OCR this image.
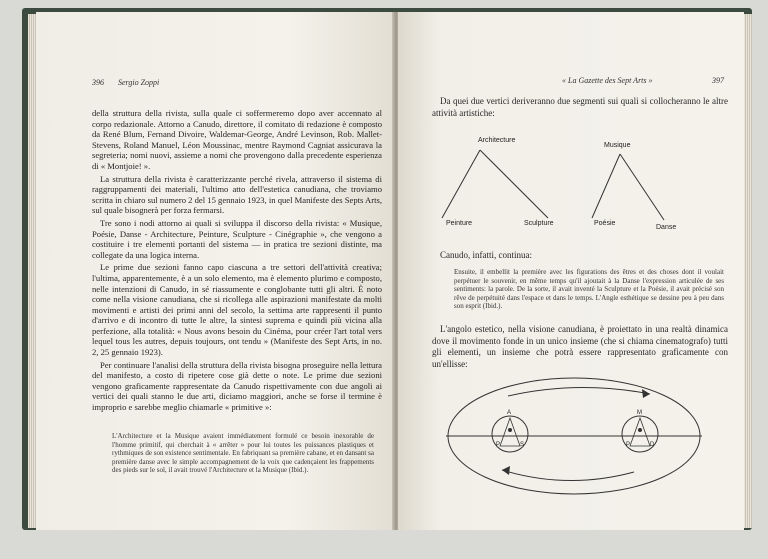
396 Sergio Zoppi

della struttura della rivista, sulla quale ci soffermeremo dopo aver accennato al corpo redazionale. Attorno a Canudo, direttore, il comitato di redazione è composto da René Blum, Fernand Divoire, Waldemar-George, André Levinson, Rob. Mallet-Stevens, Roland Manuel, Léon Moussinac, mentre Raymond Cagniat assicurava la segreteria; nomi nuovi, assieme a nomi che provengono dalla precedente esperienza di « Montjoie! ».

La struttura della rivista è caratterizzante perché rivela, attraverso il sistema di raggruppamenti dei materiali, l'ultimo atto dell'estetica canudiana, che troviamo scritta in chiaro sul numero 2 del 15 gennaio 1923, in quel Manifeste des Septs Arts, sul quale bisognerà per forza fermarsi.

Tre sono i nodi attorno ai quali si sviluppa il discorso della rivista: « Musique, Poésie, Danse - Architecture, Peinture, Sculpture - Cinégraphie », che vengono a costituire i tre elementi portanti del sistema — in pratica tre sezioni distinte, ma collegate da una logica interna.

Le prime due sezioni fanno capo ciascuna a tre settori dell'attività creativa; l'ultima, apparentemente, è a un solo elemento, ma è elemento plurimo e composto, nelle intenzioni di Canudo, in sé riassumente e conglobante tutti gli altri. È noto come nella visione canudiana, che si ricollega alle aspirazioni manifestate da molti movimenti e artisti dei primi anni del secolo, la settima arte rappresenti il punto d'arrivo e di incontro di tutte le altre, la sintesi suprema e quindi più vicina alla perfezione, alla totalità: « Nous avons besoin du Cinéma, pour créer l'art total vers lequel tous les autres, depuis toujours, ont tendu » (Manifeste des Sept Arts, in no. 2, 25 gennaio 1923).

Per continuare l'analisi della struttura della rivista bisogna proseguire nella lettura del manifesto, a costo di ripetere cose già dette o note. Le prime due sezioni vengono graficamente rappresentate da Canudo rispettivamente con due angoli ai vertici dei quali stanno le due arti, diciamo maggiori, anche se forse il termine è improprio e sarebbe meglio chiamarle « primitive »:

L'Architecture et la Musique avaient immédiatement formulé ce besoin inexorable de l'homme primitif, qui cherchait à « arrêter » pour lui toutes les puissances plastiques et rythmiques de son existence sentimentale. En fabriquant sa première cabane, et en dansant sa première danse avec le simple accompagnement de la voix que cadençaient les frappements des pieds sur le sol, il avait trouvé l'Architecture et la Musique (Ibid.).
« La Gazette des Sept Arts »	397

Da quei due vertici deriveranno due segmenti sui quali si collocheranno le altre attività artistiche:

Architecture
Peinture	Sculpture
Musique
Poésie
Danse

Canudo, infatti, continua:

Ensuite, il embellit la première avec les figurations des êtres et des choses dont il voulait perpétuer le souvenir, en même temps qu'il ajoutait à la Danse l'expression articulée de ses sentiments: la parole. De la sorte, il avait inventé la Sculpture et la Poésie, il avait précisé son rêve de perpétuité dans l'espace et dans le temps. L'Angle esthétique se dessine peu à peu dans son esprit (Ibid.).

L'angolo estetico, nella visione canudiana, è proiettato in una realtà dinamica dove il movimento fonde in un unico insieme (che si chiama cinematografo) tutti gli elementi, un insieme che potrà essere rappresentato graficamente con un'ellisse:

A
P	S
M
P	D
